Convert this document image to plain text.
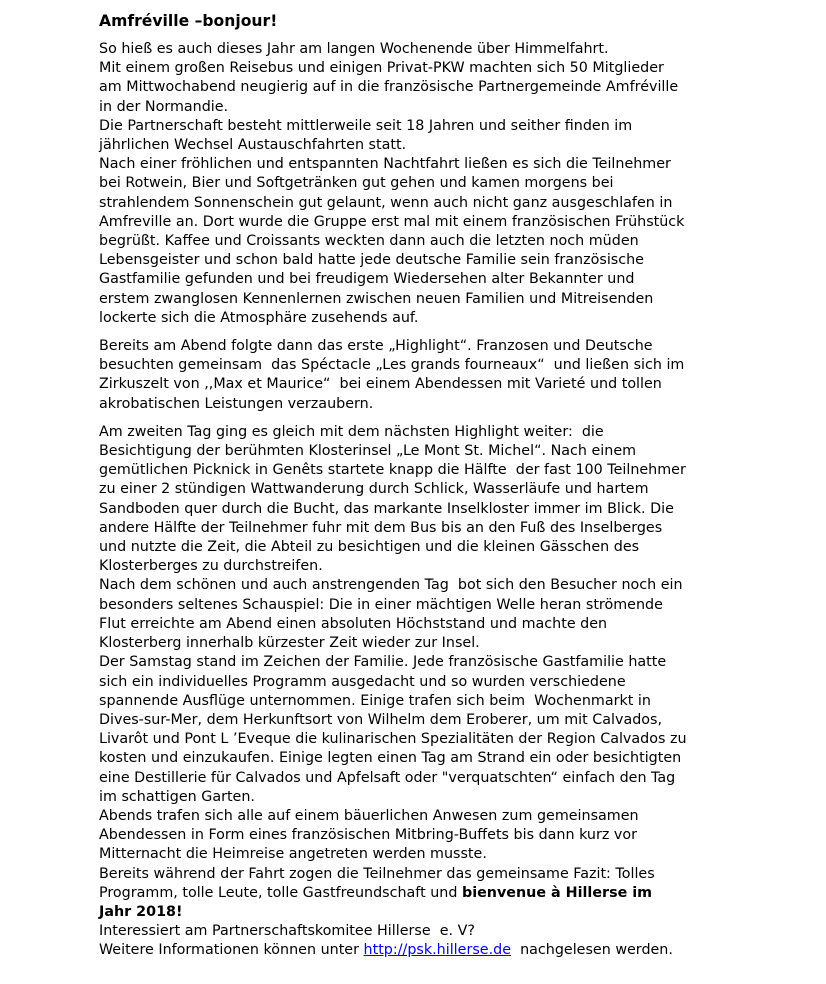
Amfréville –bonjour!
So hieß es auch dieses Jahr am langen Wochenende über Himmelfahrt.
Mit einem großen Reisebus und einigen Privat-PKW machten sich 50 Mitglieder
am Mittwochabend neugierig auf in die französische Partnergemeinde Amfréville
in der Normandie.
Die Partnerschaft besteht mittlerweile seit 18 Jahren und seither finden im
jährlichen Wechsel Austauschfahrten statt.
Nach einer fröhlichen und entspannten Nachtfahrt ließen es sich die Teilnehmer
bei Rotwein, Bier und Softgetränken gut gehen und kamen morgens bei
strahlendem Sonnenschein gut gelaunt, wenn auch nicht ganz ausgeschlafen in
Amfreville an. Dort wurde die Gruppe erst mal mit einem französischen Frühstück
begrüßt. Kaffee und Croissants weckten dann auch die letzten noch müden
Lebensgeister und schon bald hatte jede deutsche Familie sein französische
Gastfamilie gefunden und bei freudigem Wiedersehen alter Bekannter und
erstem zwanglosen Kennenlernen zwischen neuen Familien und Mitreisenden
lockerte sich die Atmosphäre zusehends auf.
Bereits am Abend folgte dann das erste „Highlight“. Franzosen und Deutsche
besuchten gemeinsam  das Spéctacle „Les grands fourneaux“  und ließen sich im
Zirkuszelt von ,,Max et Maurice“  bei einem Abendessen mit Varieté und tollen
akrobatischen Leistungen verzaubern.
Am zweiten Tag ging es gleich mit dem nächsten Highlight weiter:  die
Besichtigung der berühmten Klosterinsel „Le Mont St. Michel“. Nach einem
gemütlichen Picknick in Genêts startete knapp die Hälfte  der fast 100 Teilnehmer
zu einer 2 stündigen Wattwanderung durch Schlick, Wasserläufe und hartem
Sandboden quer durch die Bucht, das markante Inselkloster immer im Blick. Die
andere Hälfte der Teilnehmer fuhr mit dem Bus bis an den Fuß des Inselberges
und nutzte die Zeit, die Abteil zu besichtigen und die kleinen Gässchen des
Klosterberges zu durchstreifen.
Nach dem schönen und auch anstrengenden Tag  bot sich den Besucher noch ein
besonders seltenes Schauspiel: Die in einer mächtigen Welle heran strömende
Flut erreichte am Abend einen absoluten Höchststand und machte den
Klosterberg innerhalb kürzester Zeit wieder zur Insel.
Der Samstag stand im Zeichen der Familie. Jede französische Gastfamilie hatte
sich ein individuelles Programm ausgedacht und so wurden verschiedene
spannende Ausflüge unternommen. Einige trafen sich beim  Wochenmarkt in
Dives-sur-Mer, dem Herkunftsort von Wilhelm dem Eroberer, um mit Calvados,
Livarôt und Pont L ’Eveque die kulinarischen Spezialitäten der Region Calvados zu
kosten und einzukaufen. Einige legten einen Tag am Strand ein oder besichtigten
eine Destillerie für Calvados und Apfelsaft oder "verquatschten“ einfach den Tag
im schattigen Garten.
Abends trafen sich alle auf einem bäuerlichen Anwesen zum gemeinsamen
Abendessen in Form eines französischen Mitbring-Buffets bis dann kurz vor
Mitternacht die Heimreise angetreten werden musste.
Bereits während der Fahrt zogen die Teilnehmer das gemeinsame Fazit: Tolles
Programm, tolle Leute, tolle Gastfreundschaft und bienvenue à Hillerse im
Jahr 2018!
Interessiert am Partnerschaftskomitee Hillerse  e. V?
Weitere Informationen können unter http://psk.hillerse.de  nachgelesen werden.
